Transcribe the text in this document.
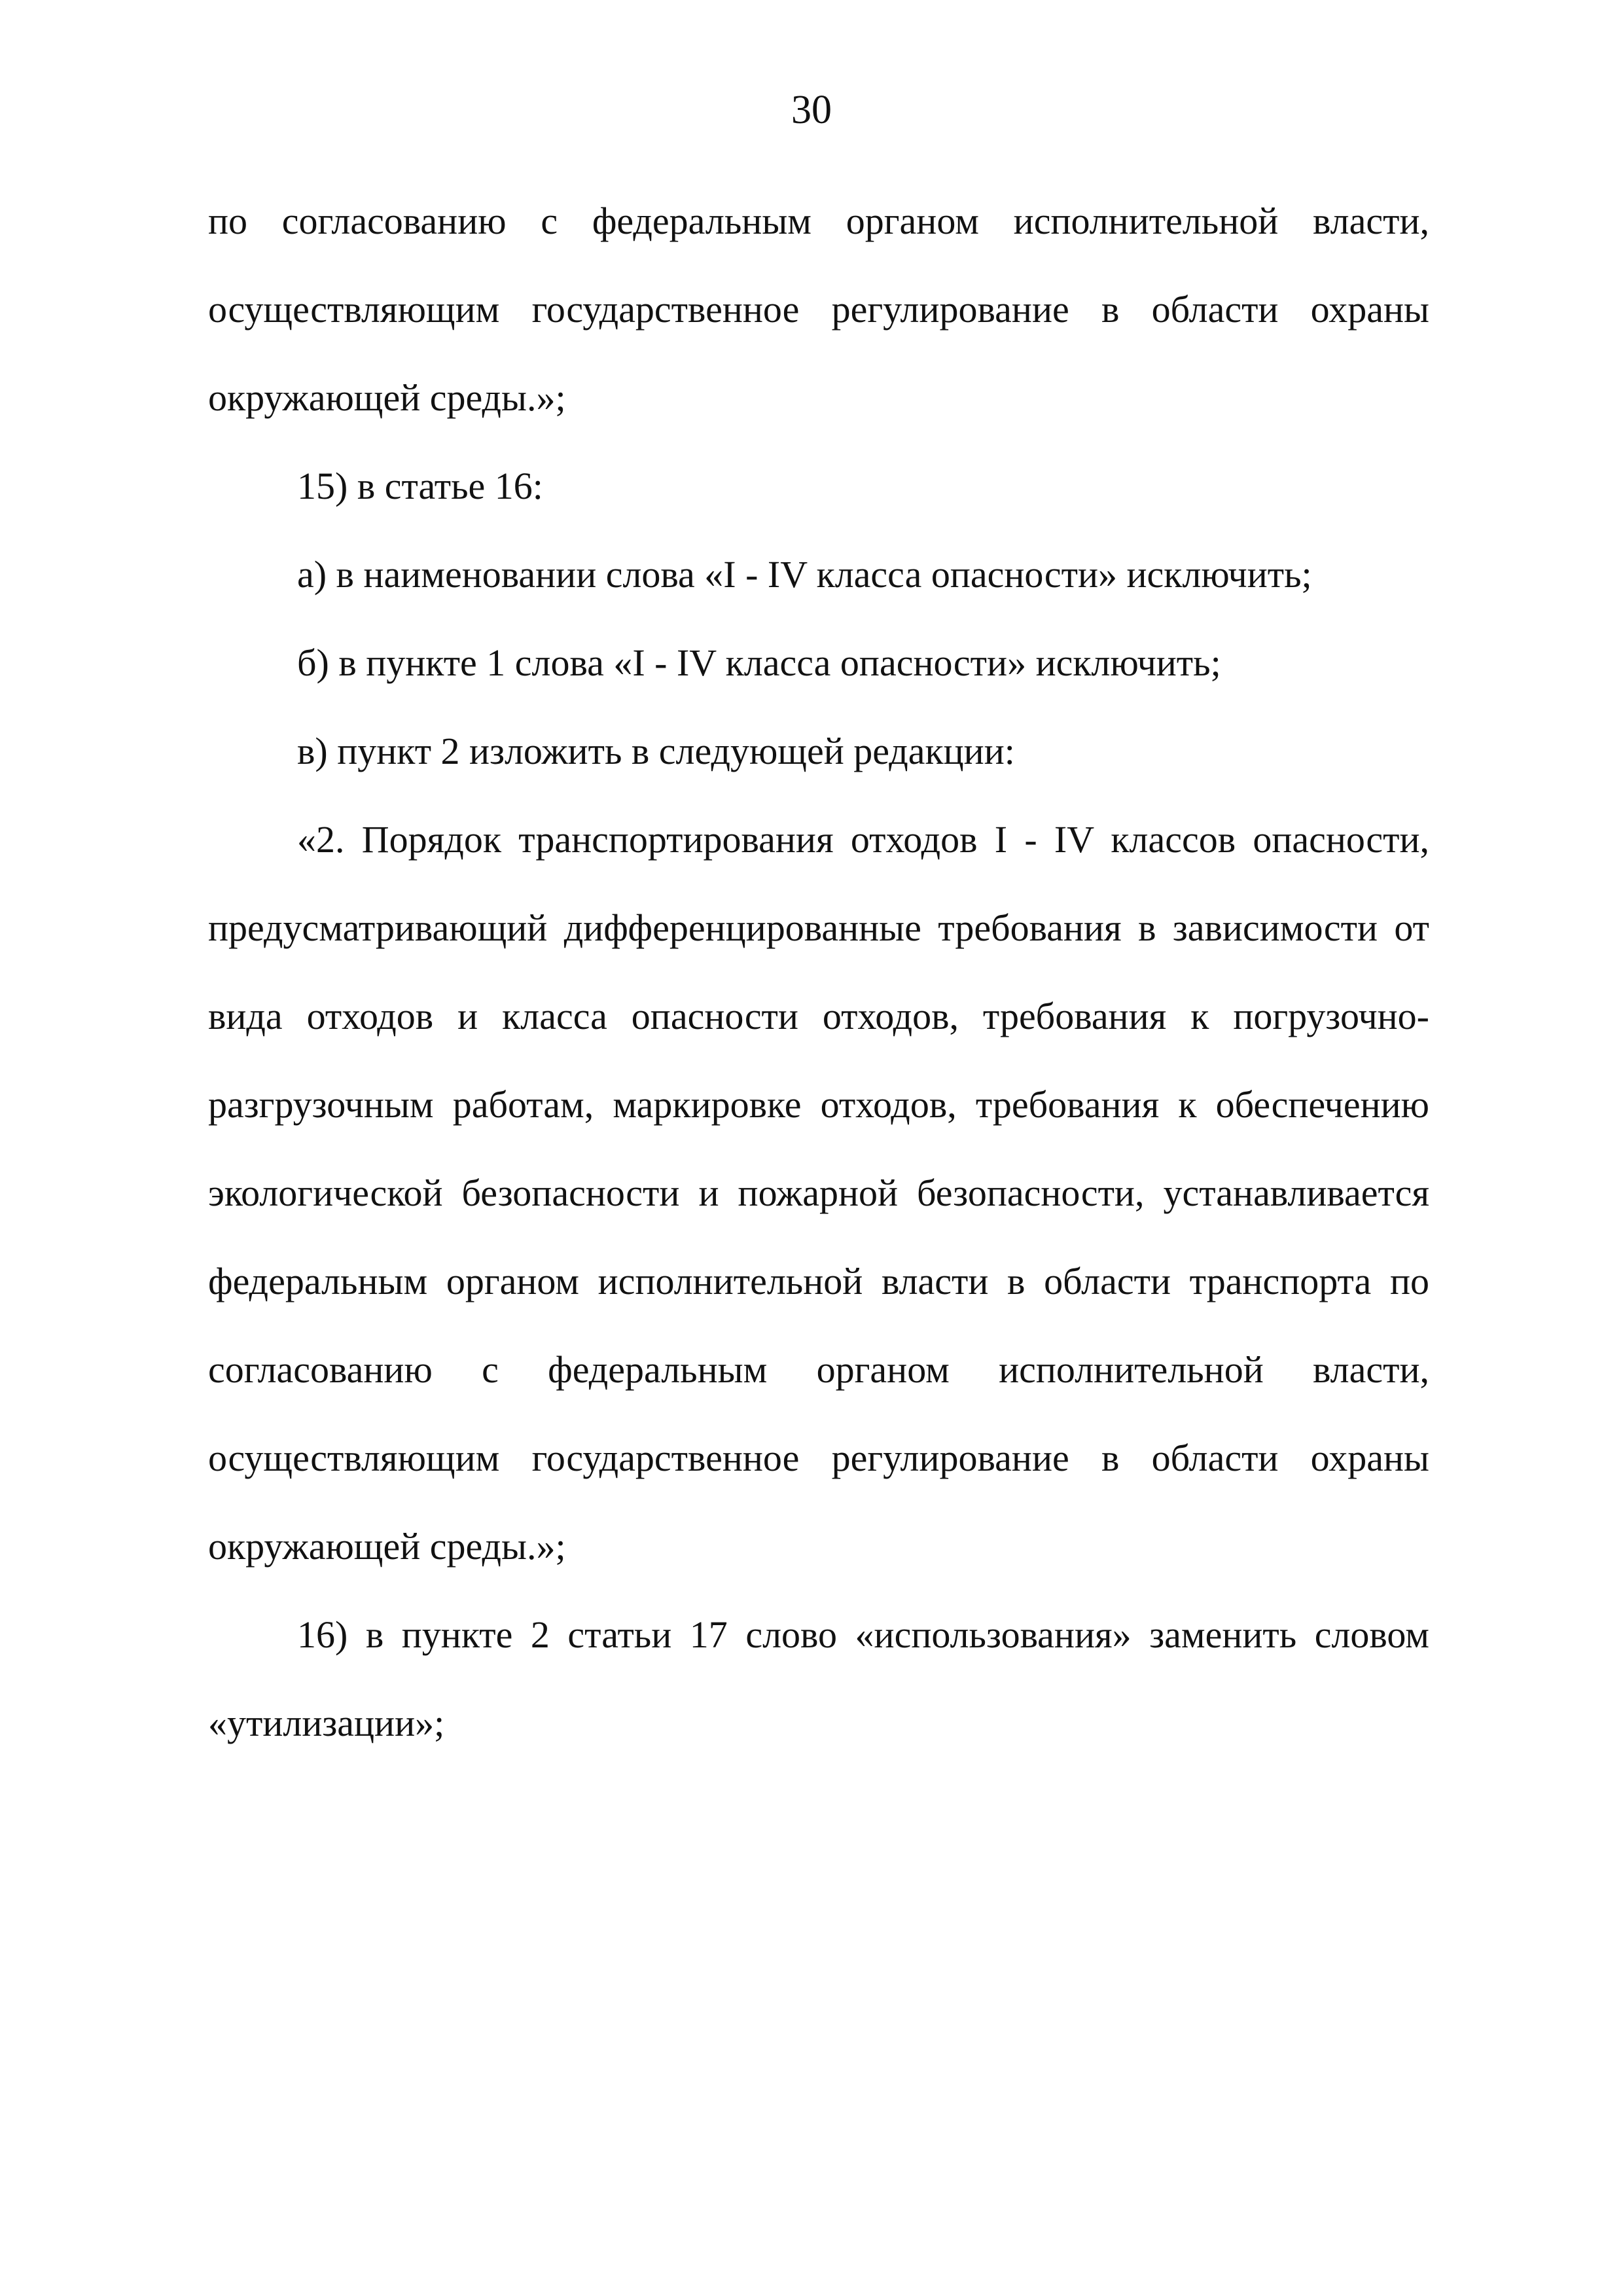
30

по согласованию с федеральным органом исполнительной власти, осуществляющим государственное регулирование в области охраны окружающей среды.»;

15) в статье 16:

а) в наименовании слова «I - IV класса опасности» исключить;

б) в пункте 1 слова «I - IV класса опасности» исключить;

в) пункт 2 изложить в следующей редакции:

«2. Порядок транспортирования отходов I - IV классов опасности, предусматривающий дифференцированные требования в зависимости от вида отходов и класса опасности отходов, требования к погрузочно-разгрузочным работам, маркировке отходов, требования к обеспечению экологической безопасности и пожарной безопасности, устанавливается федеральным органом исполнительной власти в области транспорта по согласованию с федеральным органом исполнительной власти, осуществляющим государственное регулирование в области охраны окружающей среды.»;

16) в пункте 2 статьи 17 слово «использования» заменить словом «утилизации»;
